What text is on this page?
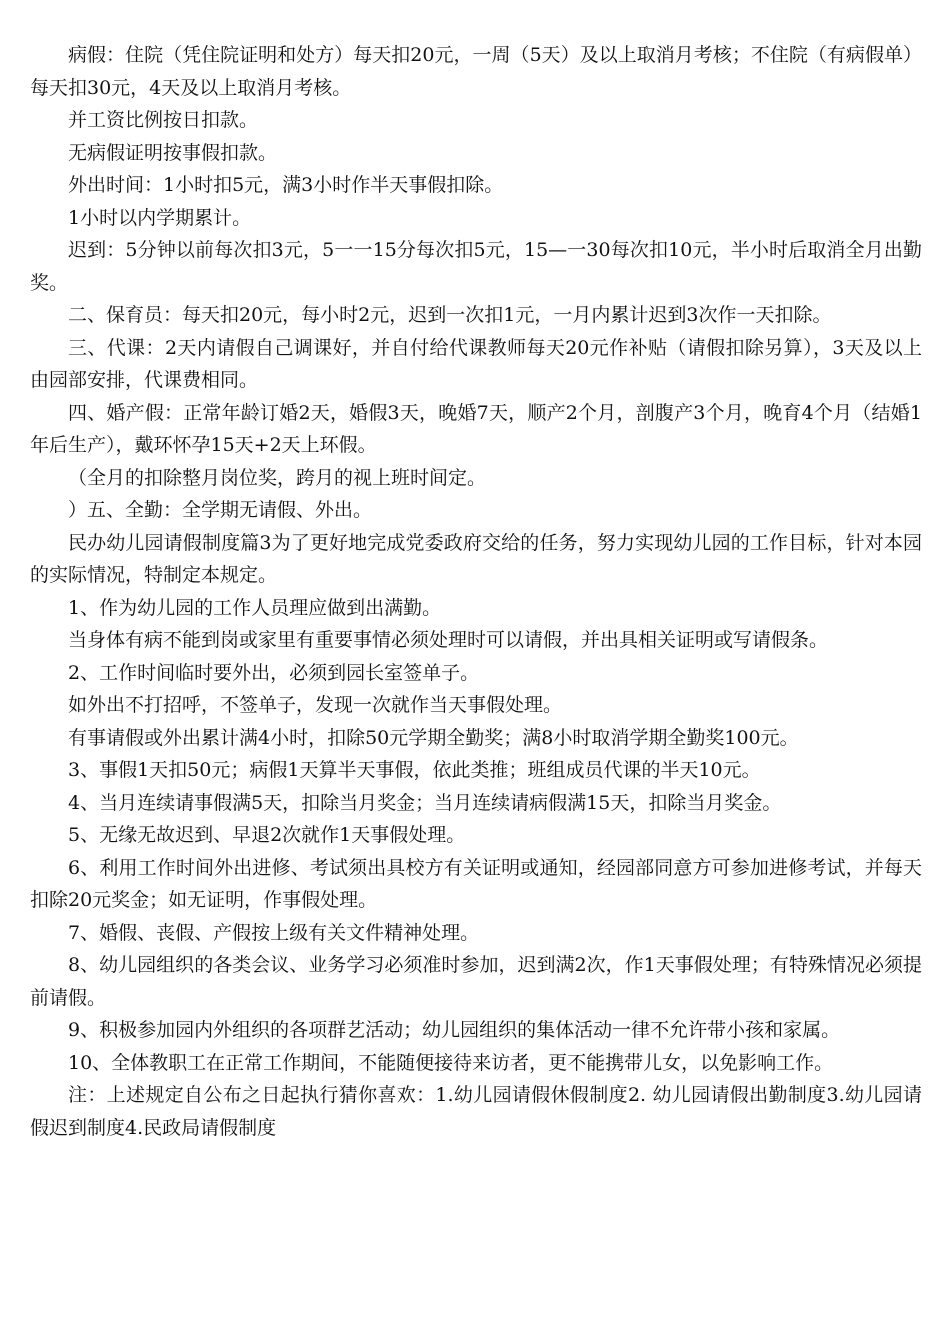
病假：住院（凭住院证明和处方）每天扣20元，一周（5天）及以上取消月考核；不住院（有病假单）每天扣30元，4天及以上取消月考核。

并工资比例按日扣款。

无病假证明按事假扣款。

外出时间：1小时扣5元，满3小时作半天事假扣除。

1小时以内学期累计。

迟到：5分钟以前每次扣3元，5一一15分每次扣5元，15—一30每次扣10元，半小时后取消全月出勤奖。

二、保育员：每天扣20元，每小时2元，迟到一次扣1元，一月内累计迟到3次作一天扣除。

三、代课：2天内请假自己调课好，并自付给代课教师每天20元作补贴（请假扣除另算），3天及以上由园部安排，代课费相同。

四、婚产假：正常年龄订婚2天，婚假3天，晚婚7天，顺产2个月，剖腹产3个月，晚育4个月（结婚1年后生产），戴环怀孕15天+2天上环假。

（全月的扣除整月岗位奖，跨月的视上班时间定。

）五、全勤：全学期无请假、外出。

民办幼儿园请假制度篇3为了更好地完成党委政府交给的任务，努力实现幼儿园的工作目标，针对本园的实际情况，特制定本规定。

1、作为幼儿园的工作人员理应做到出满勤。

当身体有病不能到岗或家里有重要事情必须处理时可以请假，并出具相关证明或写请假条。

2、工作时间临时要外出，必须到园长室签单子。

如外出不打招呼，不签单子，发现一次就作当天事假处理。

有事请假或外出累计满4小时，扣除50元学期全勤奖；满8小时取消学期全勤奖100元。

3、事假1天扣50元；病假1天算半天事假，依此类推；班组成员代课的半天10元。

4、当月连续请事假满5天，扣除当月奖金；当月连续请病假满15天，扣除当月奖金。

5、无缘无故迟到、早退2次就作1天事假处理。

6、利用工作时间外出进修、考试须出具校方有关证明或通知，经园部同意方可参加进修考试，并每天扣除20元奖金；如无证明，作事假处理。

7、婚假、丧假、产假按上级有关文件精神处理。

8、幼儿园组织的各类会议、业务学习必须准时参加，迟到满2次，作1天事假处理；有特殊情况必须提前请假。

9、积极参加园内外组织的各项群艺活动；幼儿园组织的集体活动一律不允许带小孩和家属。

10、全体教职工在正常工作期间，不能随便接待来访者，更不能携带儿女，以免影响工作。

注：上述规定自公布之日起执行猜你喜欢：1.幼儿园请假休假制度2. 幼儿园请假出勤制度3.幼儿园请假迟到制度4.民政局请假制度
